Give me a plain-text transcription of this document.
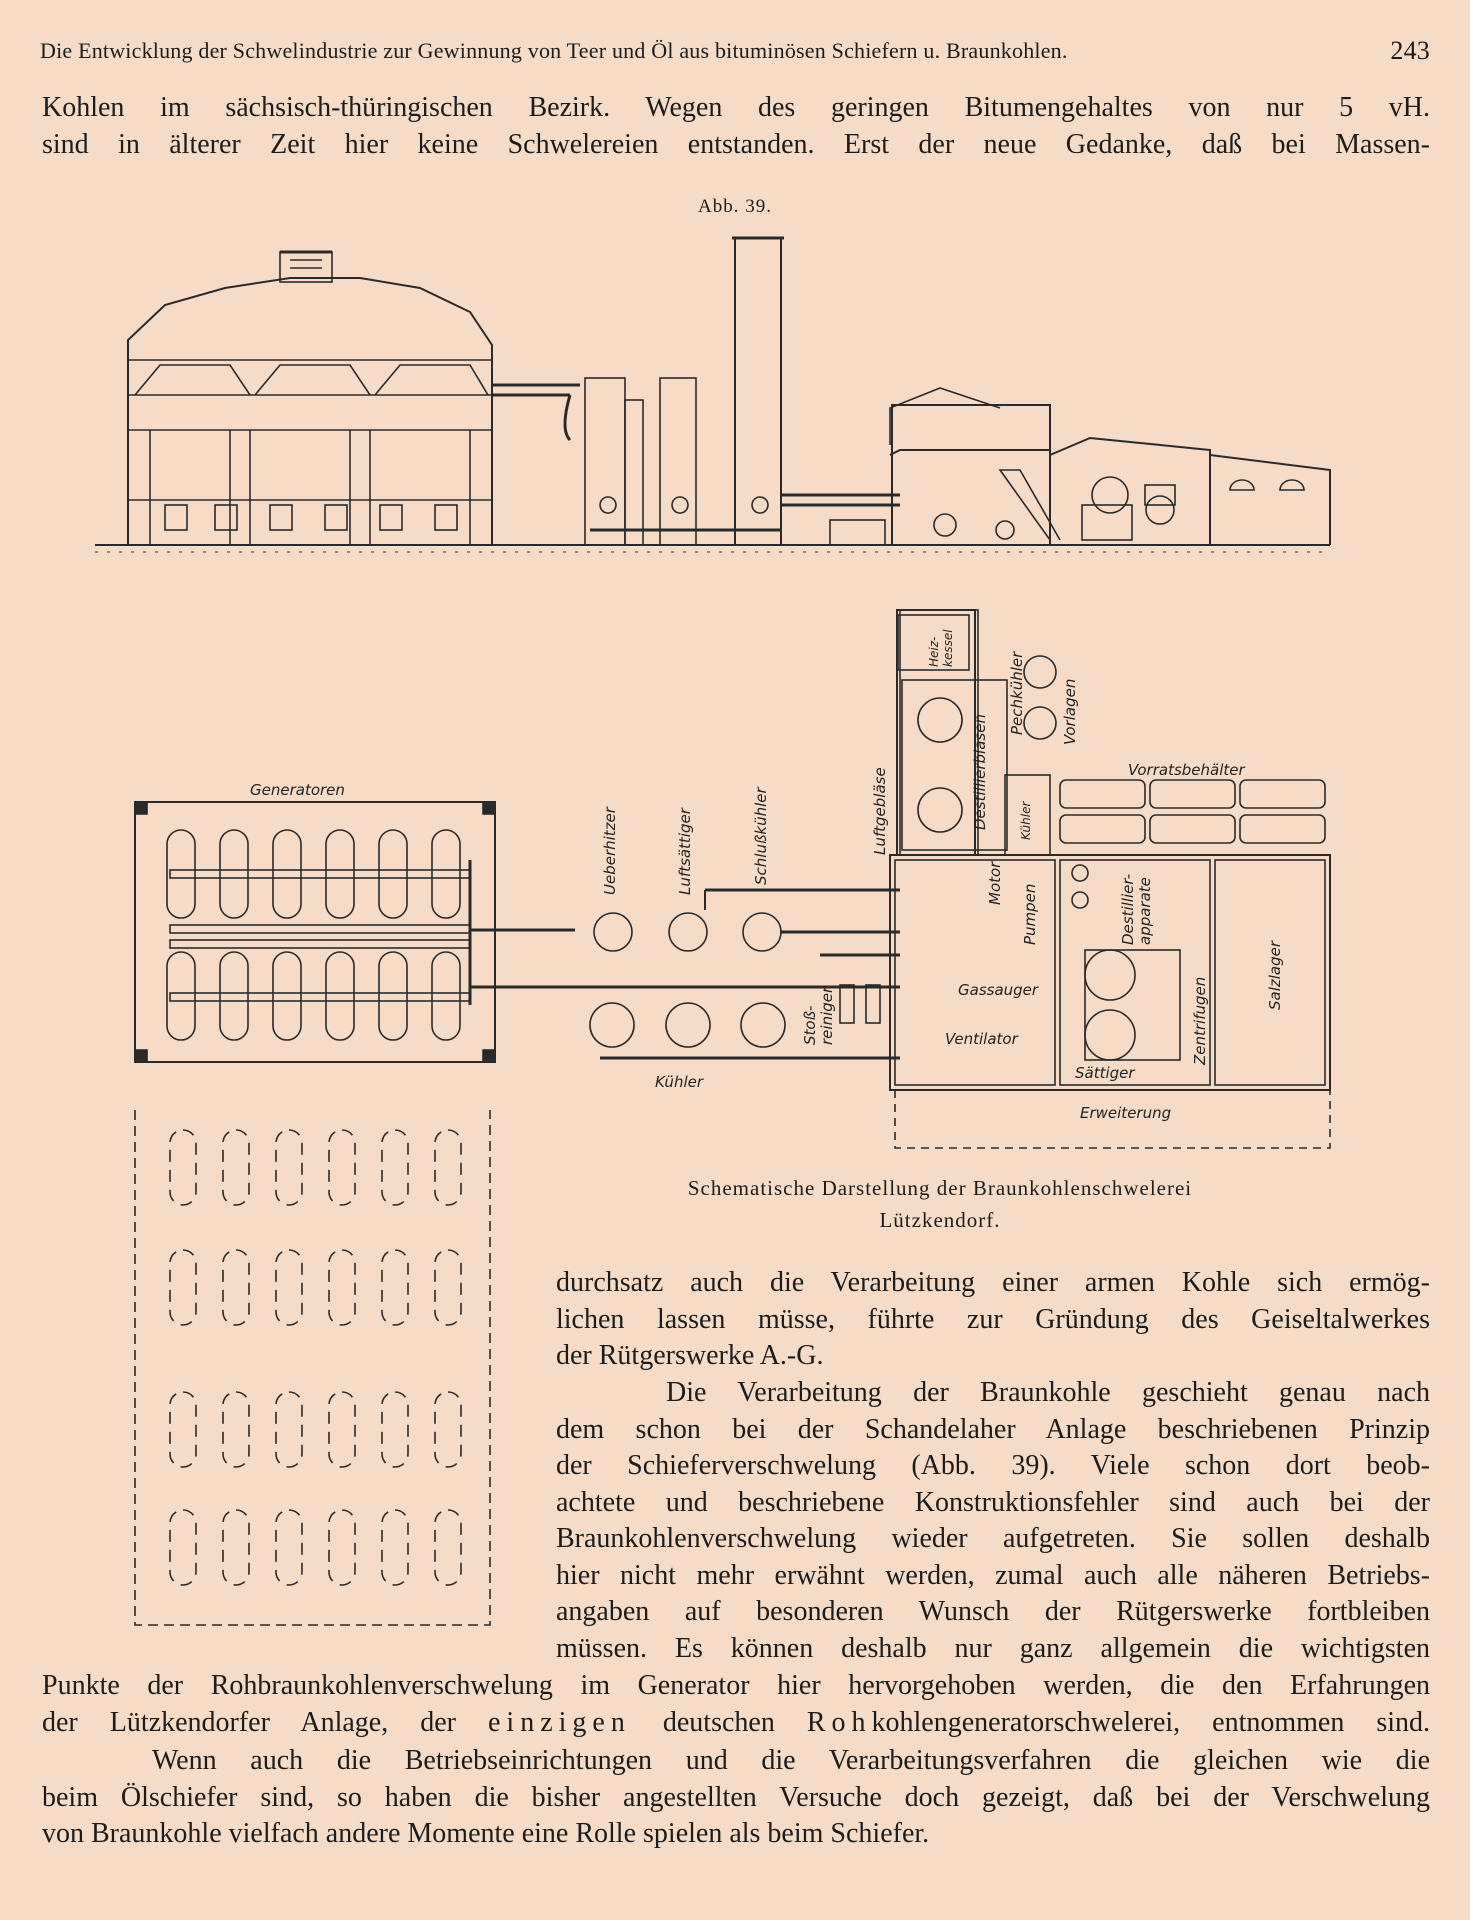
Die Entwicklung der Schwelindustrie zur Gewinnung von Teer und Öl aus bituminösen Schiefern u. Braunkohlen.	243
Kohlen im sächsisch-thüringischen Bezirk. Wegen des geringen Bitumengehaltes von nur 5 vH.
sind in älterer Zeit hier keine Schwelereien entstanden. Erst der neue Gedanke, daß bei Massen-
Abb. 39.
Generatoren
Ueberhitzer	Luftsättiger	Schlußkühler	Luftgebläse
Heiz- kessel
Destillierblasen
Pechkühler Vorlagen
Vorratsbehälter
Kühler
Motor
Pumpen	Destillier- apparate
Salzlager
Gassauger	Zentrifugen
Stoß- reiniger	Ventilator
Sättiger
Kühler
Erweiterung
Schematische Darstellung der Braunkohlenschwelerei
Lützkendorf.
durchsatz auch die Verarbeitung einer armen Kohle sich ermög-
lichen lassen müsse, führte zur Gründung des Geiseltalwerkes
der Rütgerswerke A.-G.
Die Verarbeitung der Braunkohle geschieht genau nach
dem schon bei der Schandelaher Anlage beschriebenen Prinzip
der Schieferverschwelung (Abb. 39). Viele schon dort beob-
achtete und beschriebene Konstruktionsfehler sind auch bei der
Braunkohlenverschwelung wieder aufgetreten. Sie sollen deshalb
hier nicht mehr erwähnt werden, zumal auch alle näheren Betriebs-
angaben auf besonderen Wunsch der Rütgerswerke fortbleiben
müssen. Es können deshalb nur ganz allgemein die wichtigsten
Punkte der Rohbraunkohlenverschwelung im Generator hier hervorgehoben werden, die den Erfahrungen
der Lützkendorfer Anlage, der einzigen deutschen Rohkohlengeneratorschwelerei, entnommen sind.
Wenn auch die Betriebseinrichtungen und die Verarbeitungsverfahren die gleichen wie die
beim Ölschiefer sind, so haben die bisher angestellten Versuche doch gezeigt, daß bei der Verschwelung
von Braunkohle vielfach andere Momente eine Rolle spielen als beim Schiefer.
